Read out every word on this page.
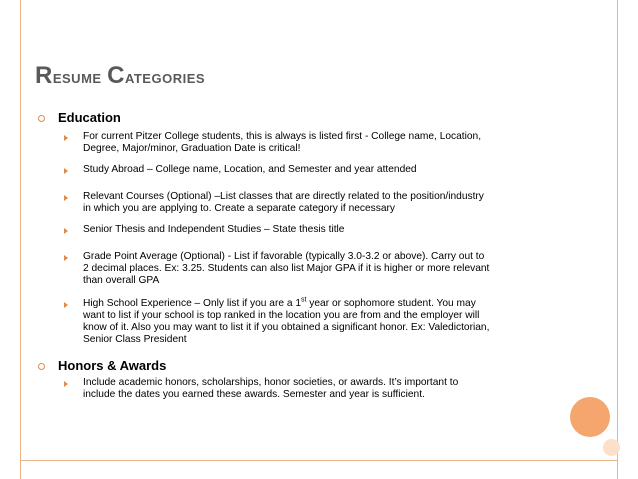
Resume Categories
Education
For current Pitzer College students, this is always is listed first - College name, Location,
Degree, Major/minor, Graduation Date is critical!
Study Abroad – College name, Location, and Semester and year attended
Relevant Courses (Optional) –List classes that are directly related to the position/industry
in which you are applying to. Create a separate category if necessary
Senior Thesis and Independent Studies – State thesis title
Grade Point Average (Optional) - List if favorable (typically 3.0-3.2 or above). Carry out to
2 decimal places. Ex: 3.25. Students can also list Major GPA if it is higher or more relevant
than overall GPA
High School Experience – Only list if you are a 1st year or sophomore student. You may
want to list if your school is top ranked in the location you are from and the employer will
know of it. Also you may want to list it if you obtained a significant honor. Ex: Valedictorian,
Senior Class President
Honors & Awards
Include academic honors, scholarships, honor societies, or awards. It’s important to
include the dates you earned these awards. Semester and year is sufficient.
